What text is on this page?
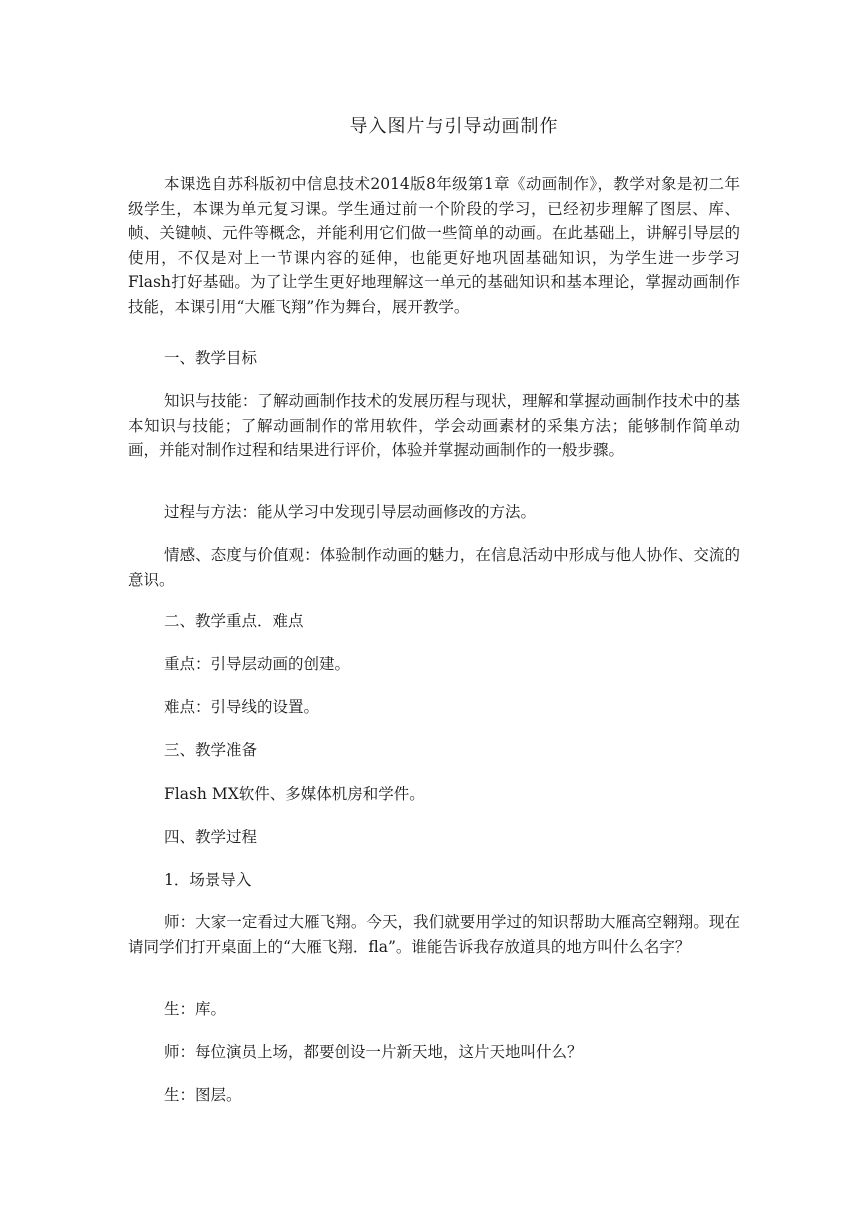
导入图片与引导动画制作

本课选自苏科版初中信息技术2014版8年级第1章《动画制作》，教学对象是初二年级学生，本课为单元复习课。学生通过前一个阶段的学习，已经初步理解了图层、库、帧、关键帧、元件等概念，并能利用它们做一些简单的动画。在此基础上，讲解引导层的使用，不仅是对上一节课内容的延伸，也能更好地巩固基础知识，为学生进一步学习Flash打好基础。为了让学生更好地理解这一单元的基础知识和基本理论，掌握动画制作技能，本课引用“大雁飞翔”作为舞台，展开教学。

一、教学目标

知识与技能：了解动画制作技术的发展历程与现状，理解和掌握动画制作技术中的基本知识与技能；了解动画制作的常用软件，学会动画素材的采集方法；能够制作简单动画，并能对制作过程和结果进行评价，体验并掌握动画制作的一般步骤。

过程与方法：能从学习中发现引导层动画修改的方法。

情感、态度与价值观：体验制作动画的魅力，在信息活动中形成与他人协作、交流的意识。

二、教学重点．难点

重点：引导层动画的创建。

难点：引导线的设置。

三、教学准备

Flash MX软件、多媒体机房和学件。

四、教学过程

1．场景导入

师：大家一定看过大雁飞翔。今天，我们就要用学过的知识帮助大雁高空翱翔。现在请同学们打开桌面上的“大雁飞翔．fla”。谁能告诉我存放道具的地方叫什么名字？

生：库。

师：每位演员上场，都要创设一片新天地，这片天地叫什么？

生：图层。
